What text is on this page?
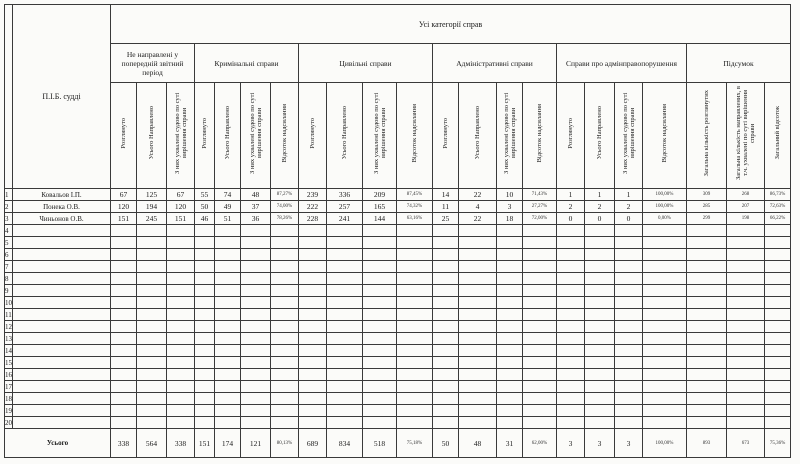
	П.І.Б. судді	Усі категорії справ																					
		Не направлені у попередній звітний період			Кримінальні справи				Цивільні справи				Адміністративні справи				Справи про адмінправопорушення				Підсумок		
		Розглянуто	Усього Направлено	З них ухвалені судово по суті вирішення справи	Розглянуто	Усього Направлено	З них ухвалені судово по суті вирішення справи	Відсоток надсилання	Розглянуто	Усього Направлено	З них ухвалені судово по суті вирішення справи	Відсоток надсилання	Розглянуто	Усього Направлено	З них ухвалені судово по суті вирішення справи	Відсоток надсилання	Розглянуто	Усього Направлено	З них ухвалені судово по суті вирішення справи	Відсоток надсилання	Загальна кількість розглянутих	Загальна кількість направлених, в т.ч. ухвалені по суті вирішення справи	Загальний відсоток
1	Ковальов І.П.	67	125	67	55	74	48	87,27%	239	336	209	87,45%	14	22	10	71,43%	1	1	1	100,00%	309	268	86,73%
2	Понека О.В.	120	194	120	50	49	37	74,00%	222	257	165	74,32%	11	4	3	27,27%	2	2	2	100,00%	285	207	72,63%
3	Чиньонов О.В.	151	245	151	46	51	36	78,26%	228	241	144	63,16%	25	22	18	72,00%	0	0	0	0,00%	299	198	66,22%
4																							
5																							
6																							
7																							
8																							
9																							
10																							
11																							
12																							
13																							
14																							
15																							
16																							
17																							
18																							
19																							
20																							
Усього		338	564	338	151	174	121	80,13%	689	834	518	75,18%	50	48	31	62,00%	3	3	3	100,00%	893	673	75,36%
